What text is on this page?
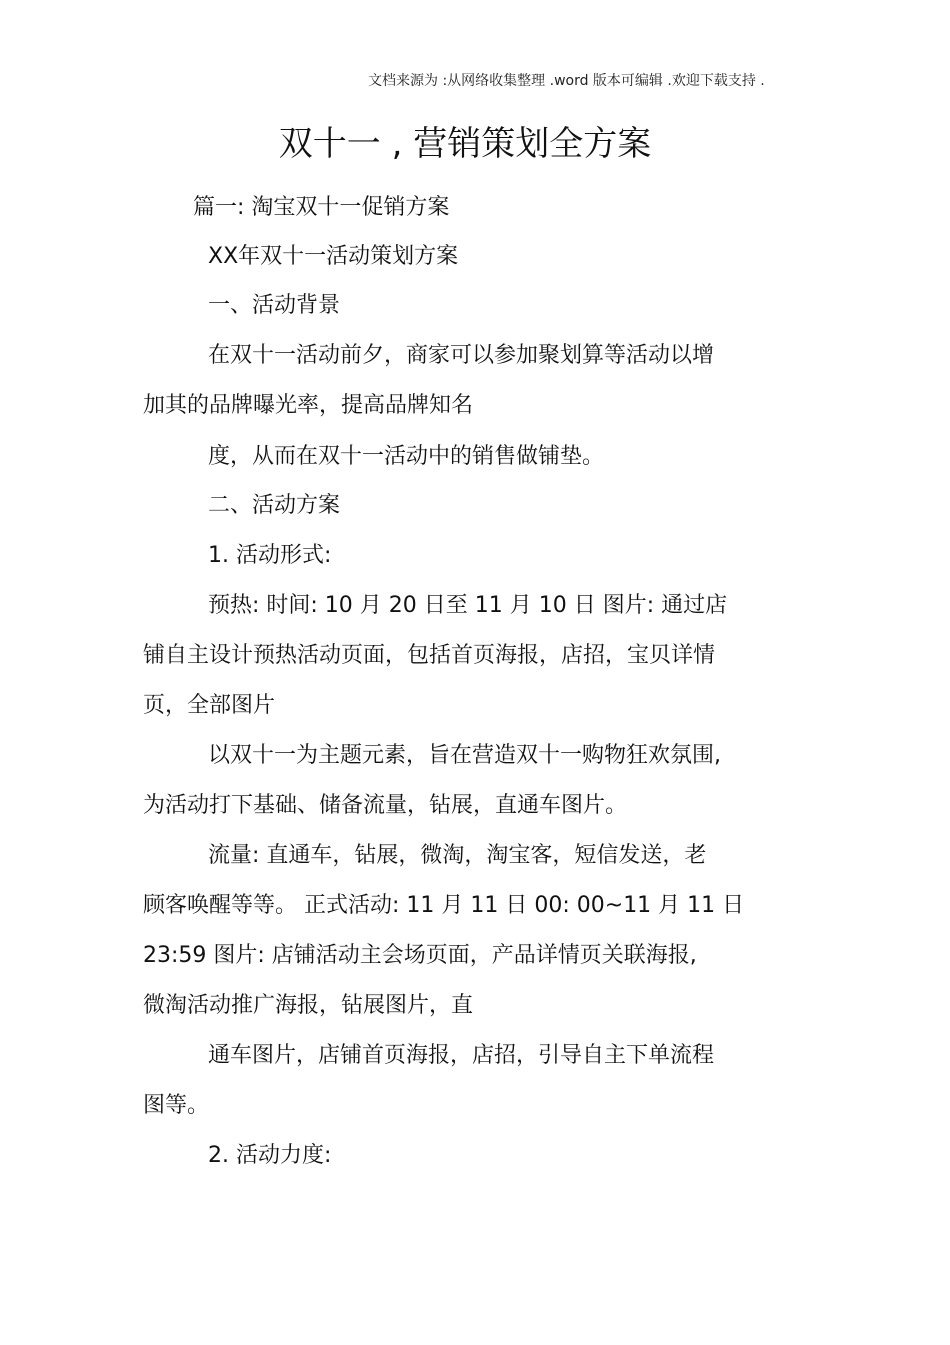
文档来源为 :从网络收集整理 .word 版本可编辑 .欢迎下载支持 .
双十一 , 营销策划全方案
篇一: 淘宝双十一促销方案
XX年双十一活动策划方案
一、活动背景
在双十一活动前夕，商家可以参加聚划算等活动以增
加其的品牌曝光率，提高品牌知名
度，从而在双十一活动中的销售做铺垫。
二、活动方案
1. 活动形式:
预热: 时间: 10 月 20 日至 11 月 10 日 图片: 通过店
铺自主设计预热活动页面，包括首页海报，店招，宝贝详情
页，全部图片
以双十一为主题元素，旨在营造双十一购物狂欢氛围,
为活动打下基础、储备流量，钻展，直通车图片。
流量: 直通车，钻展，微淘，淘宝客，短信发送，老
顾客唤醒等等。 正式活动: 11 月 11 日 00: 00~11 月 11 日
23:59 图片: 店铺活动主会场页面，产品详情页关联海报,
微淘活动推广海报，钻展图片，直
通车图片，店铺首页海报，店招，引导自主下单流程
图等。
2. 活动力度:
